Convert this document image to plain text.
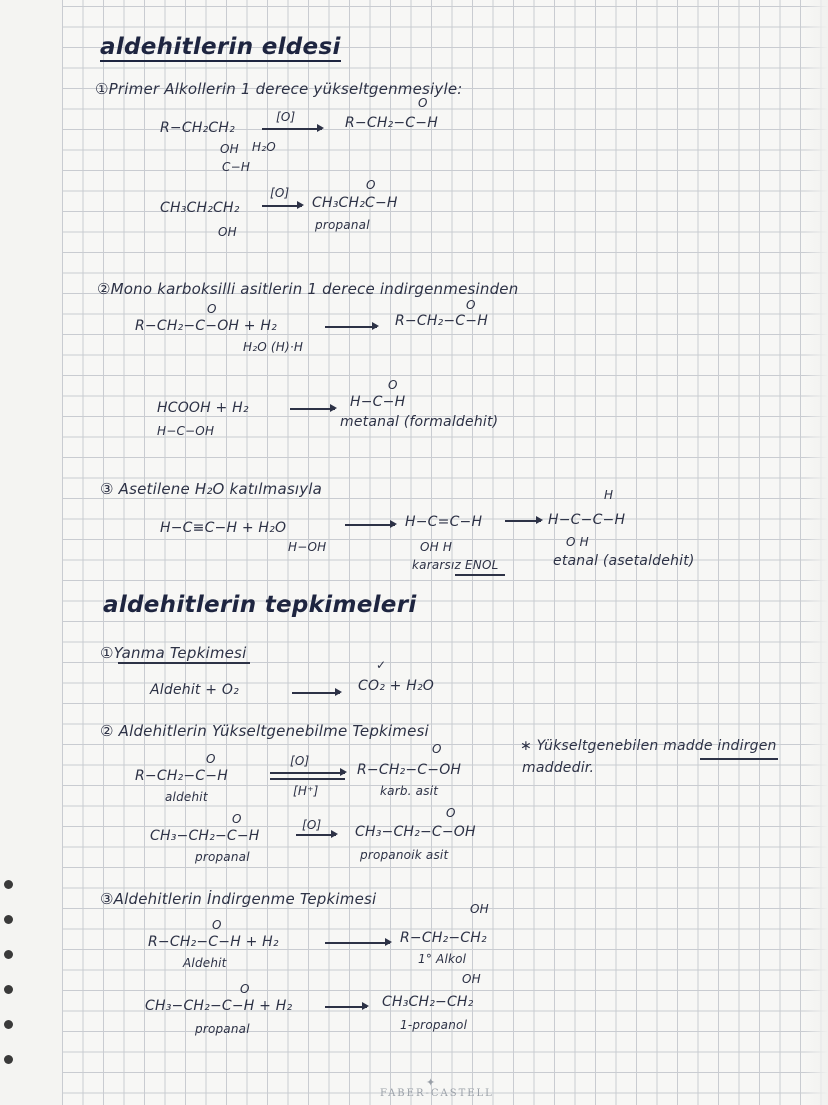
aldehitlerin eldesi
①Primer Alkollerin 1 derece yükseltgenmesiyle:
R−CH₂CH₂
OH H₂O
C−H
[O]
O
R−CH₂−C−H
CH₃CH₂CH₂
OH
[O]
O
CH₃CH₂C−H
propanal
②Mono karboksilli asitlerin 1 derece indirgenmesinden
O
R−CH₂−C−OH + H₂
H₂O (H)·H
O
R−CH₂−C−H
HCOOH + H₂
H−C−OH
O
H−C−H
metanal (formaldehit)
③ Asetilene H₂O katılmasıyla
H−C≡C−H + H₂O
H−OH
→ H−C=C−H
OH H
kararsız ENOL
H
H−C−C−H
O H
etanal (asetaldehit)
aldehitlerin tepkimeleri
①Yanma Tepkimesi
✓
Aldehit + O₂	→ CO₂ + H₂O
② Aldehitlerin Yükseltgenebilme Tepkimesi
∗ Yükseltgenebilen madde indirgen
maddedir.
O
R−CH₂−C−H
aldehit
[O]
[H⁺]
O
R−CH₂−C−OH
karb. asit
O
CH₃−CH₂−C−H
propanal
[O]
O
CH₃−CH₂−C−OH
propanoik asit
③Aldehitlerin İndirgenme Tepkimesi
O
R−CH₂−C−H + H₂
Aldehit
OH
R−CH₂−CH₂
1° Alkol
O
CH₃−CH₂−C−H + H₂
propanal
OH
CH₃CH₂−CH₂
1-propanol
✦
FABER-CASTELL
